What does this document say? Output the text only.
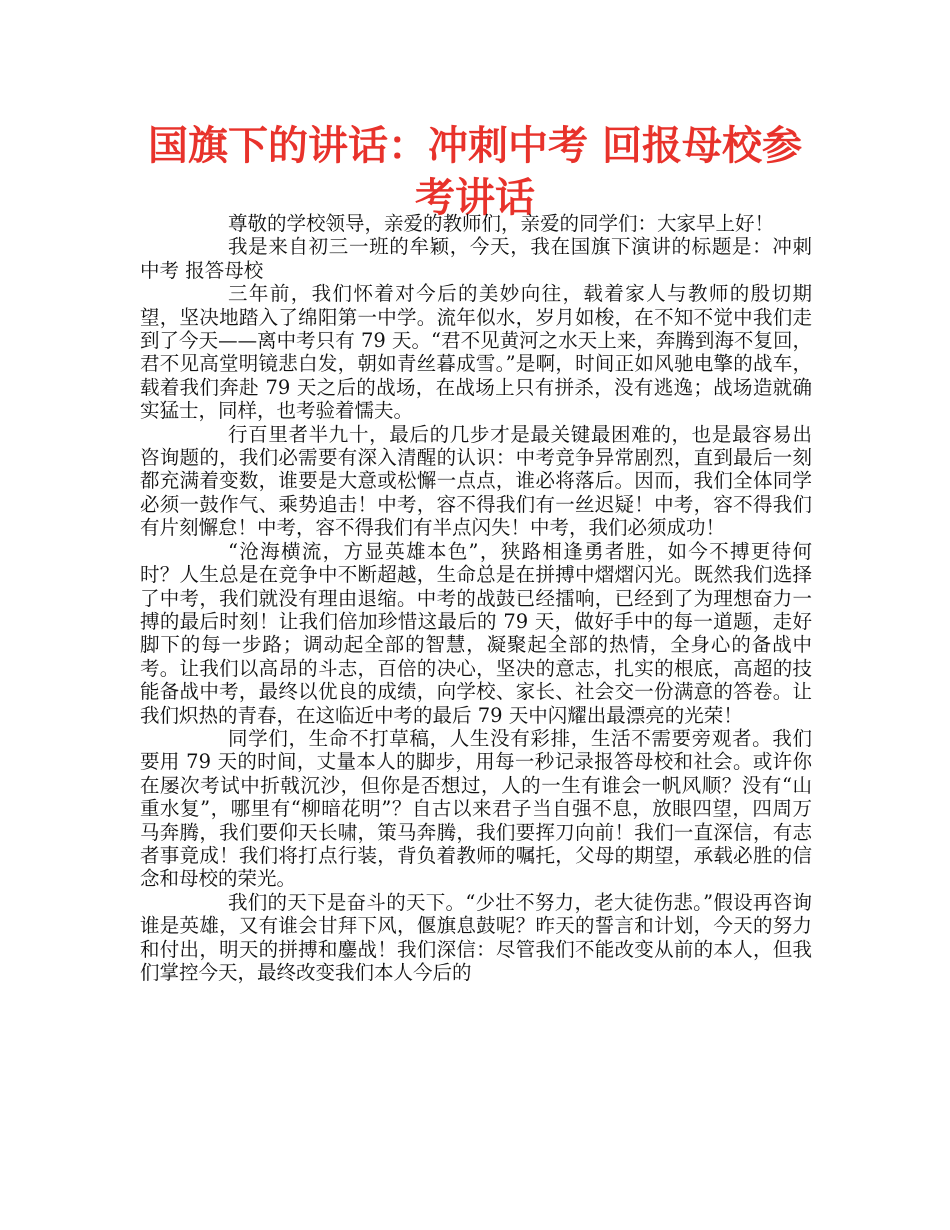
国旗下的讲话：冲刺中考 回报母校参考讲话

尊敬的学校领导，亲爱的教师们，亲爱的同学们：大家早上好！

我是来自初三一班的牟颖，今天，我在国旗下演讲的标题是：冲刺中考 报答母校

三年前，我们怀着对今后的美妙向往，载着家人与教师的殷切期望，坚决地踏入了绵阳第一中学。流年似水，岁月如梭，在不知不觉中我们走到了今天——离中考只有 79 天。“君不见黄河之水天上来，奔腾到海不复回，君不见高堂明镜悲白发，朝如青丝暮成雪。”是啊，时间正如风驰电擎的战车，载着我们奔赴 79 天之后的战场，在战场上只有拼杀，没有逃逸；战场造就确实猛士，同样，也考验着懦夫。

行百里者半九十，最后的几步才是最关键最困难的，也是最容易出咨询题的，我们必需要有深入清醒的认识：中考竞争异常剧烈，直到最后一刻都充满着变数，谁要是大意或松懈一点点，谁必将落后。因而，我们全体同学必须一鼓作气、乘势追击！中考，容不得我们有一丝迟疑！中考，容不得我们有片刻懈怠！中考，容不得我们有半点闪失！中考，我们必须成功！

“沧海横流，方显英雄本色”，狭路相逢勇者胜，如今不搏更待何时？人生总是在竞争中不断超越，生命总是在拼搏中熠熠闪光。既然我们选择了中考，我们就没有理由退缩。中考的战鼓已经擂响，已经到了为理想奋力一搏的最后时刻！让我们倍加珍惜这最后的 79 天，做好手中的每一道题，走好脚下的每一步路；调动起全部的智慧，凝聚起全部的热情，全身心的备战中考。让我们以高昂的斗志，百倍的决心，坚决的意志，扎实的根底，高超的技能备战中考，最终以优良的成绩，向学校、家长、社会交一份满意的答卷。让我们炽热的青春，在这临近中考的最后 79 天中闪耀出最漂亮的光荣！

同学们，生命不打草稿，人生没有彩排，生活不需要旁观者。我们要用 79 天的时间，丈量本人的脚步，用每一秒记录报答母校和社会。或许你在屡次考试中折戟沉沙，但你是否想过，人的一生有谁会一帆风顺？没有“山重水复”，哪里有“柳暗花明”？自古以来君子当自强不息，放眼四望，四周万马奔腾，我们要仰天长啸，策马奔腾，我们要挥刀向前！我们一直深信，有志者事竟成！我们将打点行装，背负着教师的嘱托，父母的期望，承载必胜的信念和母校的荣光。

我们的天下是奋斗的天下。“少壮不努力，老大徒伤悲。”假设再咨询谁是英雄，又有谁会甘拜下风，偃旗息鼓呢？昨天的誓言和计划，今天的努力和付出，明天的拼搏和鏖战！我们深信：尽管我们不能改变从前的本人，但我们掌控今天，最终改变我们本人今后的
